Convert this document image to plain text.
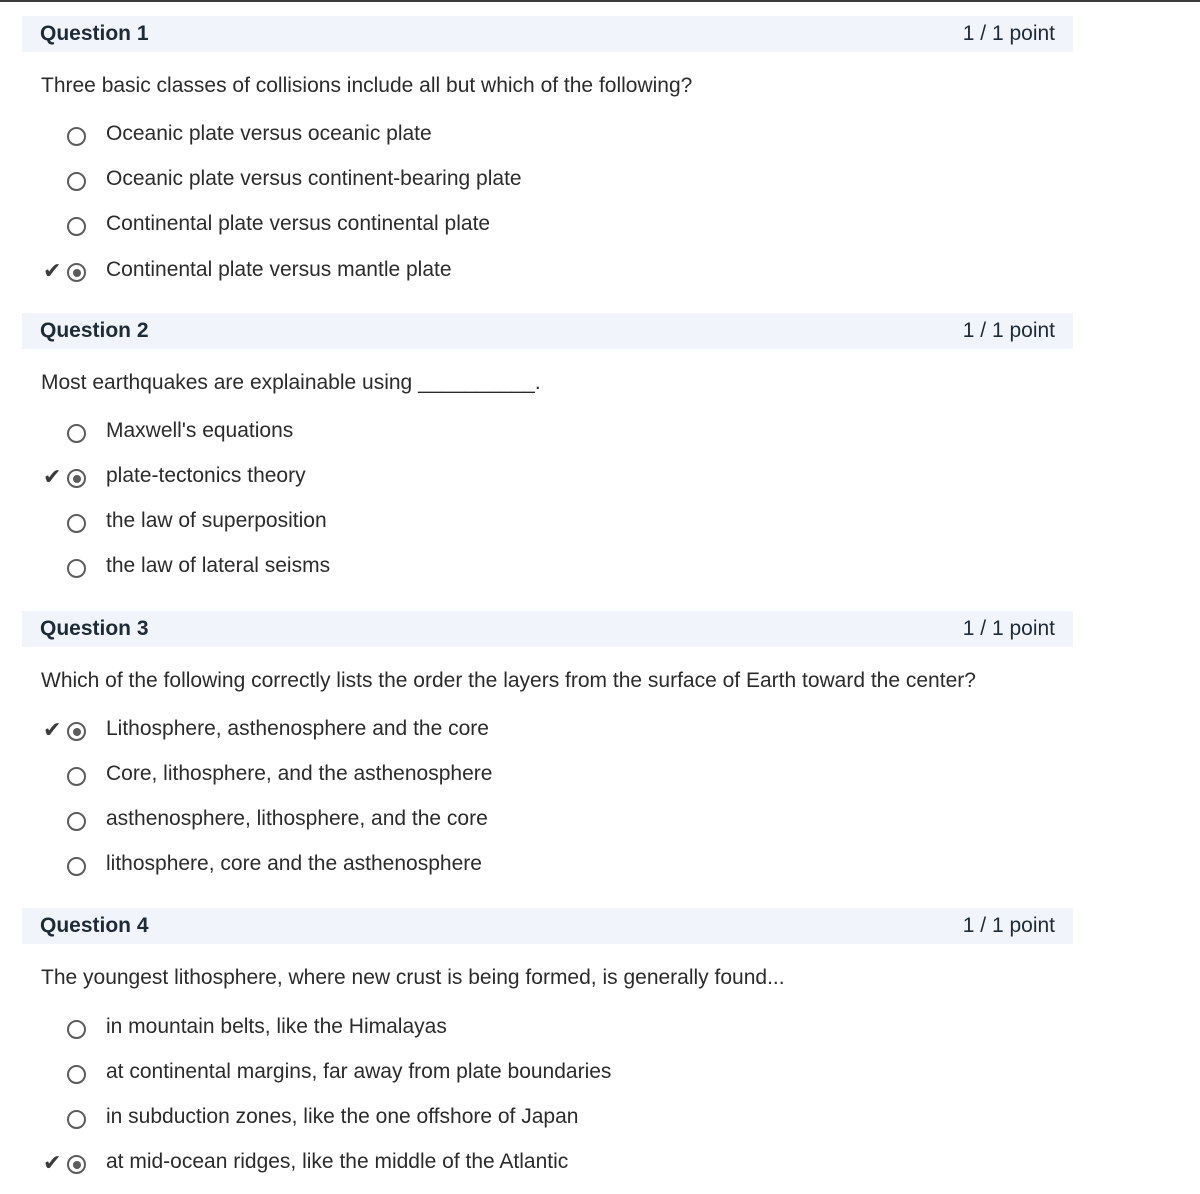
Question 1	1 / 1 point
Three basic classes of collisions include all but which of the following?
Oceanic plate versus oceanic plate
Oceanic plate versus continent-bearing plate
Continental plate versus continental plate
✔ Continental plate versus mantle plate
Question 2	1 / 1 point
Most earthquakes are explainable using __________.
Maxwell's equations
✔ plate-tectonics theory
the law of superposition
the law of lateral seisms
Question 3	1 / 1 point
Which of the following correctly lists the order the layers from the surface of Earth toward the center?
✔ Lithosphere, asthenosphere and the core
Core, lithosphere, and the asthenosphere
asthenosphere, lithosphere, and the core
lithosphere, core and the asthenosphere
Question 4	1 / 1 point
The youngest lithosphere, where new crust is being formed, is generally found...
in mountain belts, like the Himalayas
at continental margins, far away from plate boundaries
in subduction zones, like the one offshore of Japan
✔ at mid-ocean ridges, like the middle of the Atlantic
